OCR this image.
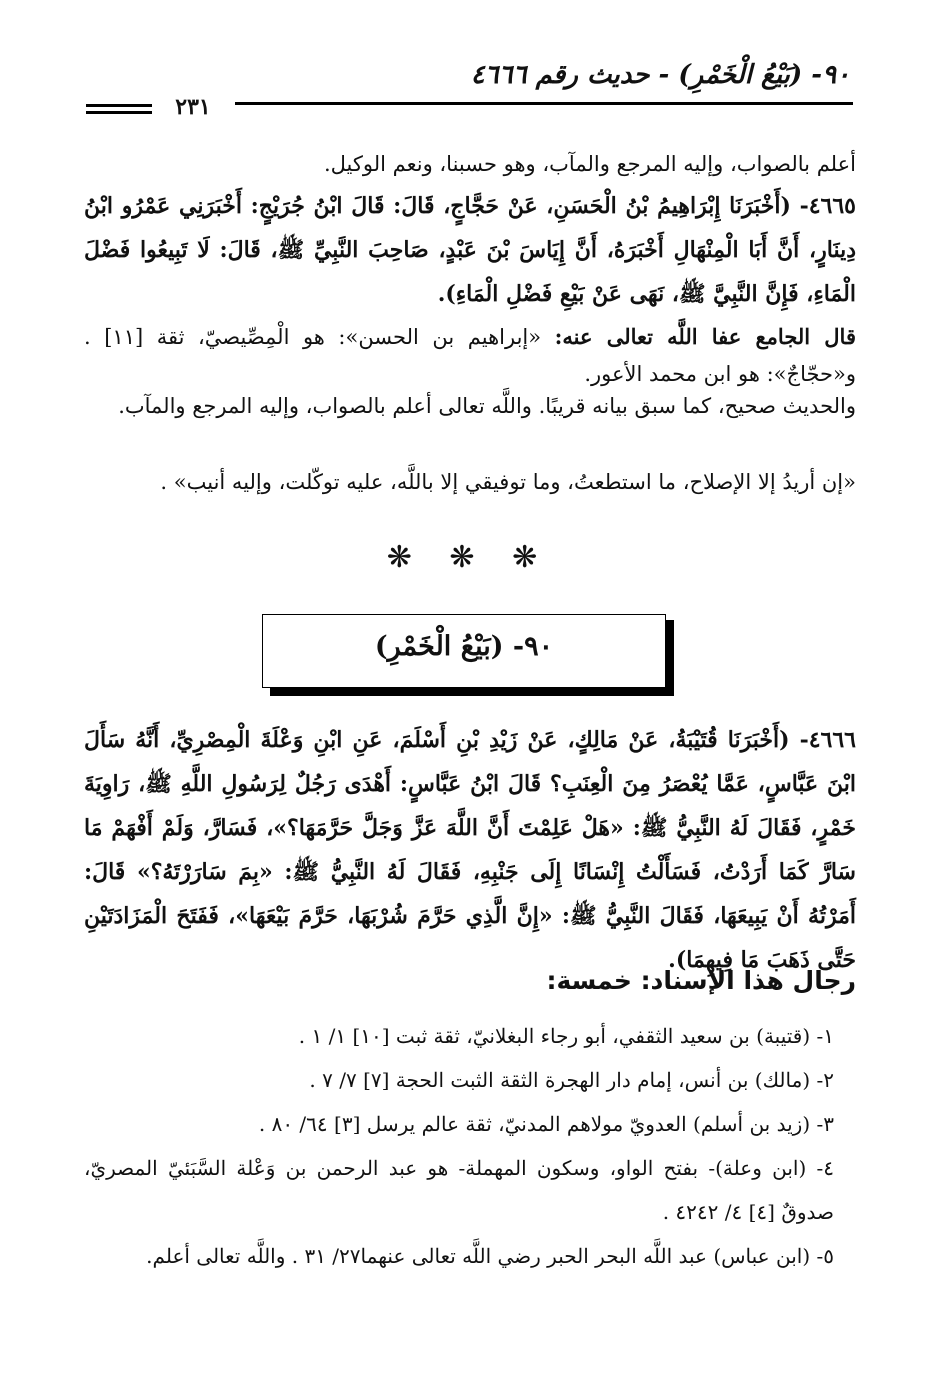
٩٠- (بَيْعُ الْخَمْرِ) - حديث رقم ٤٦٦٦
٢٣١
أعلم بالصواب، وإليه المرجع والمآب، وهو حسبنا، ونعم الوكيل.
٤٦٦٥- (أَخْبَرَنَا إِبْرَاهِيمُ بْنُ الْحَسَنِ، عَنْ حَجَّاجٍ، قَالَ: قَالَ ابْنُ جُرَيْجٍ: أَخْبَرَنِي عَمْرُو ابْنُ دِينَارٍ، أَنَّ أَبَا الْمِنْهَالِ أَخْبَرَهُ، أَنَّ إِيَاسَ بْنَ عَبْدٍ، صَاحِبَ النَّبِيِّ ﷺ، قَالَ: لَا تَبِيعُوا فَضْلَ الْمَاءِ، فَإِنَّ النَّبِيَّ ﷺ، نَهَى عَنْ بَيْعِ فَضْلِ الْمَاءِ).
قال الجامع عفا اللَّه تعالى عنه: «إبراهيم بن الحسن»: هو الْمِصِّيصيّ، ثقة [١١] . و«حجّاجٌ»: هو ابن محمد الأعور.
والحديث صحيح، كما سبق بيانه قريبًا. واللَّه تعالى أعلم بالصواب، وإليه المرجع والمآب.
«إن أريدُ إلا الإصلاح، ما استطعتُ، وما توفيقي إلا باللَّه، عليه توكّلت، وإليه أنيب» .
❋ ❋ ❋
٩٠- (بَيْعُ الْخَمْرِ)
٤٦٦٦- (أَخْبَرَنَا قُتَيْبَةُ، عَنْ مَالِكٍ، عَنْ زَيْدِ بْنِ أَسْلَمَ، عَنِ ابْنِ وَعْلَةَ الْمِصْرِيِّ، أَنَّهُ سَأَلَ ابْنَ عَبَّاسٍ، عَمَّا يُعْصَرُ مِنَ الْعِنَبِ؟ قَالَ ابْنُ عَبَّاسٍ: أَهْدَى رَجُلٌ لِرَسُولِ اللَّهِ ﷺ، رَاوِيَةَ خَمْرٍ، فَقَالَ لَهُ النَّبِيُّ ﷺ: «هَلْ عَلِمْتَ أَنَّ اللَّهَ عَزَّ وَجَلَّ حَرَّمَهَا؟»، فَسَارَّ، وَلَمْ أَفْهَمْ مَا سَارَّ كَمَا أَرَدْتُ، فَسَأَلْتُ إِنْسَانًا إِلَى جَنْبِهِ، فَقَالَ لَهُ النَّبِيُّ ﷺ: «بِمَ سَارَرْتَهُ؟» قَالَ: أَمَرْتُهُ أَنْ يَبِيعَهَا، فَقَالَ النَّبِيُّ ﷺ: «إِنَّ الَّذِي حَرَّمَ شُرْبَهَا، حَرَّمَ بَيْعَهَا»، فَفَتَحَ الْمَزَادَتَيْنِ حَتَّى ذَهَبَ مَا فِيهِمَا).
رجال هذا الإسناد: خمسة:
١- (قتيبة) بن سعيد الثقفي، أبو رجاء البغلانيّ، ثقة ثبت [١٠] ١/ ١ .
٢- (مالك) بن أنس، إمام دار الهجرة الثقة الثبت الحجة [٧] ٧/ ٧ .
٣- (زيد بن أسلم) العدويّ مولاهم المدنيّ، ثقة عالم يرسل [٣] ٦٤/ ٨٠ .
٤- (ابن وعلة)- بفتح الواو، وسكون المهملة- هو عبد الرحمن بن وَعْلة السَّبَئيّ المصريّ، صدوقٌ [٤] ٤/ ٤٢٤٢ .
٥- (ابن عباس) عبد اللَّه البحر الحبر رضي اللَّه تعالى عنهما٢٧/ ٣١ . واللَّه تعالى أعلم.
